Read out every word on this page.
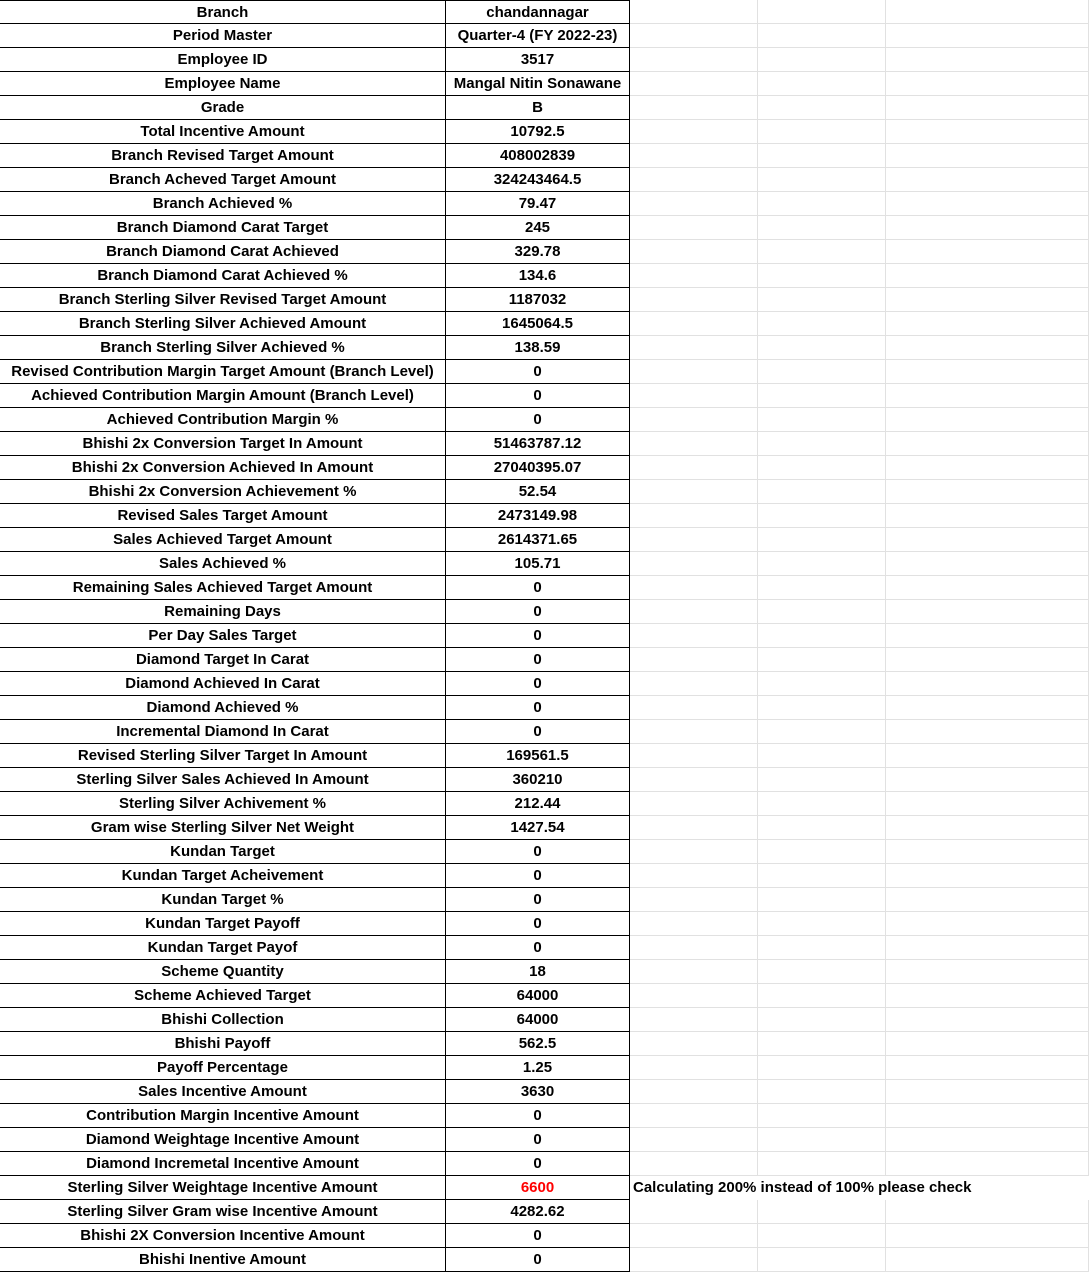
Branch	chandannagar
Period Master	Quarter-4 (FY 2022-23)
Employee ID	3517
Employee Name	Mangal Nitin Sonawane
Grade	B
Total Incentive Amount	10792.5
Branch Revised Target Amount	408002839
Branch Acheved Target Amount	324243464.5
Branch Achieved %	79.47
Branch Diamond Carat Target	245
Branch Diamond Carat Achieved	329.78
Branch Diamond Carat Achieved %	134.6
Branch Sterling Silver Revised Target Amount	1187032
Branch Sterling Silver Achieved Amount	1645064.5
Branch Sterling Silver Achieved %	138.59
Revised Contribution Margin Target Amount (Branch Level)	0
Achieved Contribution Margin Amount (Branch Level)	0
Achieved Contribution Margin %	0
Bhishi 2x Conversion Target In Amount	51463787.12
Bhishi 2x Conversion Achieved In Amount	27040395.07
Bhishi 2x Conversion Achievement %	52.54
Revised Sales Target Amount	2473149.98
Sales Achieved Target Amount	2614371.65
Sales Achieved %	105.71
Remaining Sales Achieved Target Amount	0
Remaining Days	0
Per Day Sales Target	0
Diamond Target In Carat	0
Diamond Achieved In Carat	0
Diamond Achieved %	0
Incremental Diamond In Carat	0
Revised Sterling Silver Target In Amount	169561.5
Sterling Silver Sales Achieved In Amount	360210
Sterling Silver Achivement %	212.44
Gram wise Sterling Silver Net Weight	1427.54
Kundan Target	0
Kundan Target Acheivement	0
Kundan Target %	0
Kundan Target Payoff	0
Kundan Target Payof	0
Scheme Quantity	18
Scheme Achieved Target	64000
Bhishi Collection	64000
Bhishi Payoff	562.5
Payoff Percentage	1.25
Sales Incentive Amount	3630
Contribution Margin Incentive Amount	0
Diamond Weightage Incentive Amount	0
Diamond Incremetal Incentive Amount	0
Sterling Silver Weightage Incentive Amount	6600	Calculating 200% instead of 100% please check
Sterling Silver Gram wise Incentive Amount	4282.62
Bhishi 2X Conversion Incentive Amount	0
Bhishi Inentive Amount	0
